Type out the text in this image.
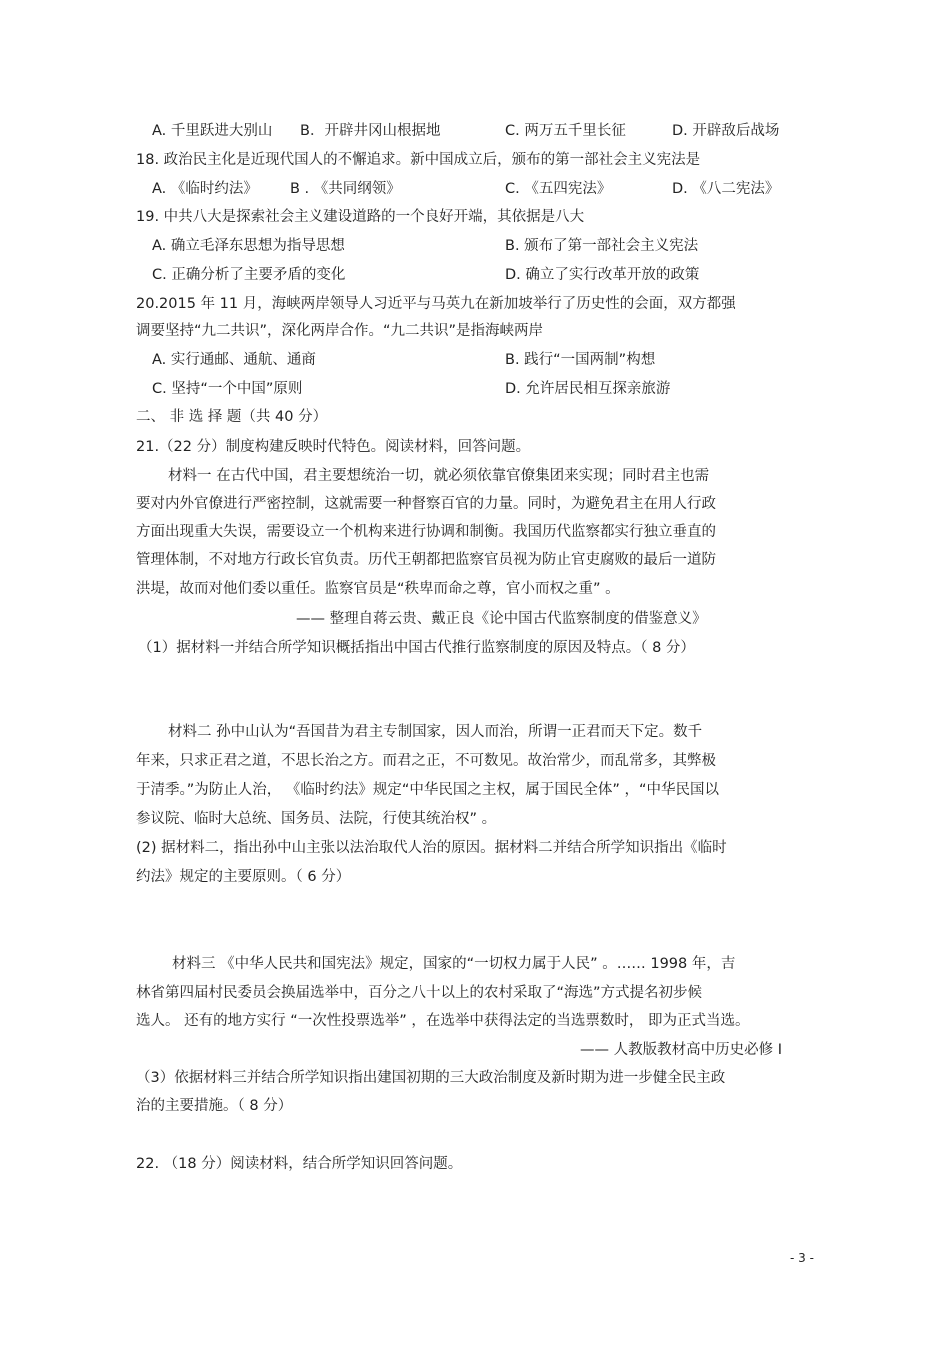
A. 千里跃进大别山 B．开辟井冈山根据地	C. 两万五千里长征	D. 开辟敌后战场
18. 政治民主化是近现代国人的不懈追求。新中国成立后，颁布的第一部社会主义宪法是
A. 《临时约法》 B . 《共同纲领》	C. 《五四宪法》	D. 《八二宪法》
19. 中共八大是探索社会主义建设道路的一个良好开端，其依据是八大
A. 确立毛泽东思想为指导思想	B. 颁布了第一部社会主义宪法
C. 正确分析了主要矛盾的变化	D. 确立了实行改革开放的政策
20.2015 年 11 月，海峡两岸领导人习近平与马英九在新加坡举行了历史性的会面，双方都强
调要坚持“九二共识”，深化两岸合作。“九二共识”是指海峡两岸
A. 实行通邮、通航、通商	B. 践行“一国两制”构想
C. 坚持“一个中国”原则	D. 允许居民相互探亲旅游
二、 非 选 择 题（共 40 分）
21.（22 分）制度构建反映时代特色。阅读材料，回答问题。
材料一 在古代中国，君主要想统治一切，就必须依靠官僚集团来实现；同时君主也需
要对内外官僚进行严密控制，这就需要一种督察百官的力量。同时，为避免君主在用人行政
方面出现重大失误，需要设立一个机构来进行协调和制衡。我国历代监察都实行独立垂直的
管理体制，不对地方行政长官负责。历代王朝都把监察官员视为防止官吏腐败的最后一道防
洪堤，故而对他们委以重任。监察官员是“秩卑而命之尊，官小而权之重” 。
—— 整理自蒋云贵、戴正良《论中国古代监察制度的借鉴意义》
（1）据材料一并结合所学知识概括指出中国古代推行监察制度的原因及特点。（ 8 分）
材料二 孙中山认为“吾国昔为君主专制国家，因人而治，所谓一正君而天下定。数千
年来，只求正君之道，不思长治之方。而君之正，不可数见。故治常少，而乱常多，其弊极
于清季。”为防止人治， 《临时约法》规定“中华民国之主权，属于国民全体” ，“中华民国以
参议院、临时大总统、国务员、法院，行使其统治权” 。
(2) 据材料二，指出孙中山主张以法治取代人治的原因。据材料二并结合所学知识指出《临时
约法》规定的主要原则。（ 6 分）
材料三 《中华人民共和国宪法》规定，国家的“一切权力属于人民” 。…… 1998 年，吉
林省第四届村民委员会换届选举中，百分之八十以上的农村采取了“海选”方式提名初步候
选人。 还有的地方实行 “一次性投票选举” ，在选举中获得法定的当选票数时， 即为正式当选。
—— 人教版教材高中历史必修 I
（3）依据材料三并结合所学知识指出建国初期的三大政治制度及新时期为进一步健全民主政
治的主要措施。（ 8 分）
22. （18 分）阅读材料，结合所学知识回答问题。
- 3 -
